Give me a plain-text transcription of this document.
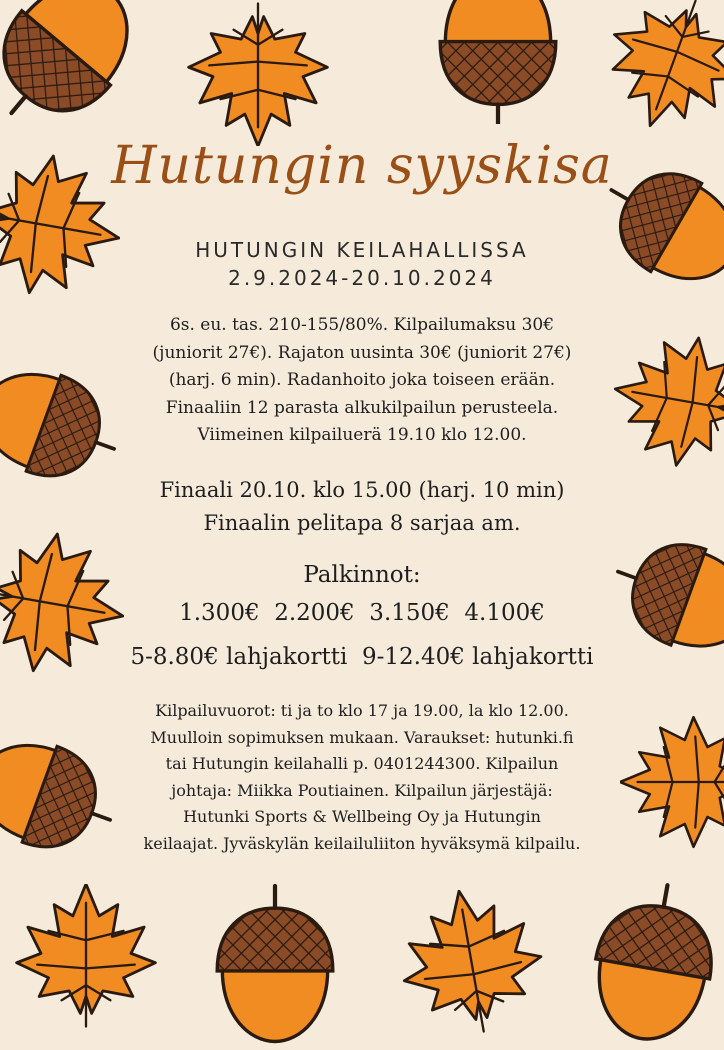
Hutungin syyskisa
HUTUNGIN KEILAHALLISSA
2.9.2024-20.10.2024
6s. eu. tas. 210-155/80%. Kilpailumaksu 30€
(juniorit 27€). Rajaton uusinta 30€ (juniorit 27€)
(harj. 6 min). Radanhoito joka toiseen erään.
Finaaliin 12 parasta alkukilpailun perusteela.
Viimeinen kilpailuerä 19.10 klo 12.00.
Finaali 20.10. klo 15.00 (harj. 10 min)
Finaalin pelitapa 8 sarjaa am.
Palkinnot:
1.300€  2.200€  3.150€  4.100€
5-8.80€ lahjakortti  9-12.40€ lahjakortti
Kilpailuvuorot: ti ja to klo 17 ja 19.00, la klo 12.00.
Muulloin sopimuksen mukaan. Varaukset: hutunki.fi
tai Hutungin keilahalli p. 0401244300. Kilpailun
johtaja: Miikka Poutiainen. Kilpailun järjestäjä:
Hutunki Sports & Wellbeing Oy ja Hutungin
keilaajat. Jyväskylän keilailuliiton hyväksymä kilpailu.
